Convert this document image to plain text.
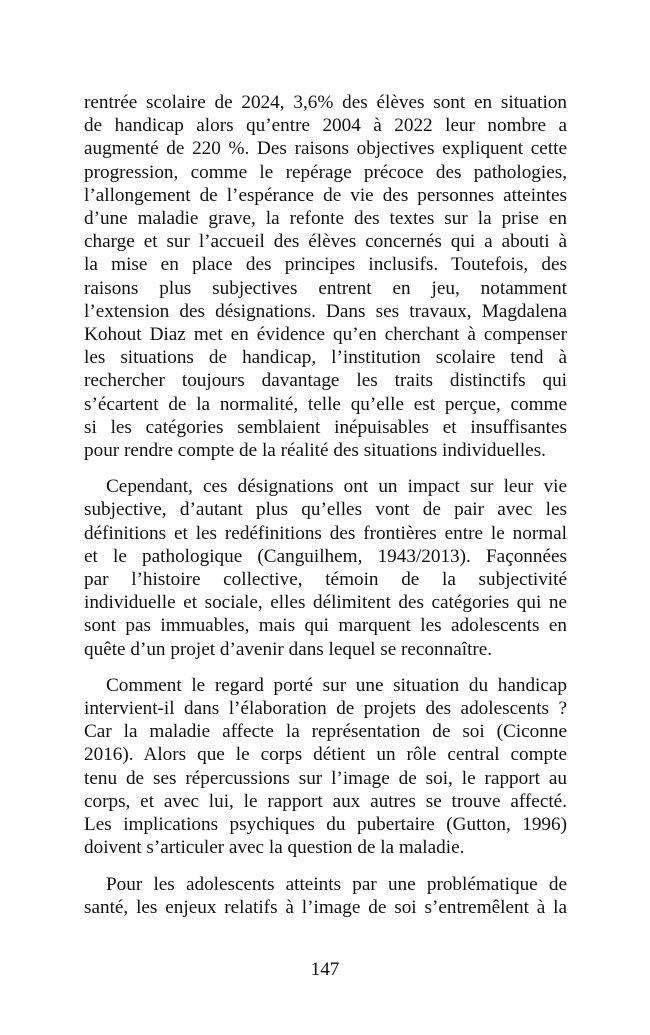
rentrée scolaire de 2024, 3,6% des élèves sont en situation
de handicap alors qu’entre 2004 à 2022 leur nombre a
augmenté de 220 %. Des raisons objectives expliquent cette
progression, comme le repérage précoce des pathologies,
l’allongement de l’espérance de vie des personnes atteintes
d’une maladie grave, la refonte des textes sur la prise en
charge et sur l’accueil des élèves concernés qui a abouti à
la mise en place des principes inclusifs. Toutefois, des
raisons plus subjectives entrent en jeu, notamment
l’extension des désignations. Dans ses travaux, Magdalena
Kohout Diaz met en évidence qu’en cherchant à compenser
les situations de handicap, l’institution scolaire tend à
rechercher toujours davantage les traits distinctifs qui
s’écartent de la normalité, telle qu’elle est perçue, comme
si les catégories semblaient inépuisables et insuffisantes
pour rendre compte de la réalité des situations individuelles.

Cependant, ces désignations ont un impact sur leur vie
subjective, d’autant plus qu’elles vont de pair avec les
définitions et les redéfinitions des frontières entre le normal
et le pathologique (Canguilhem, 1943/2013). Façonnées
par l’histoire collective, témoin de la subjectivité
individuelle et sociale, elles délimitent des catégories qui ne
sont pas immuables, mais qui marquent les adolescents en
quête d’un projet d’avenir dans lequel se reconnaître.

Comment le regard porté sur une situation du handicap
intervient-il dans l’élaboration de projets des adolescents ?
Car la maladie affecte la représentation de soi (Ciconne
2016). Alors que le corps détient un rôle central compte
tenu de ses répercussions sur l’image de soi, le rapport au
corps, et avec lui, le rapport aux autres se trouve affecté.
Les implications psychiques du pubertaire (Gutton, 1996)
doivent s’articuler avec la question de la maladie.

Pour les adolescents atteints par une problématique de
santé, les enjeux relatifs à l’image de soi s’entremêlent à la

147
